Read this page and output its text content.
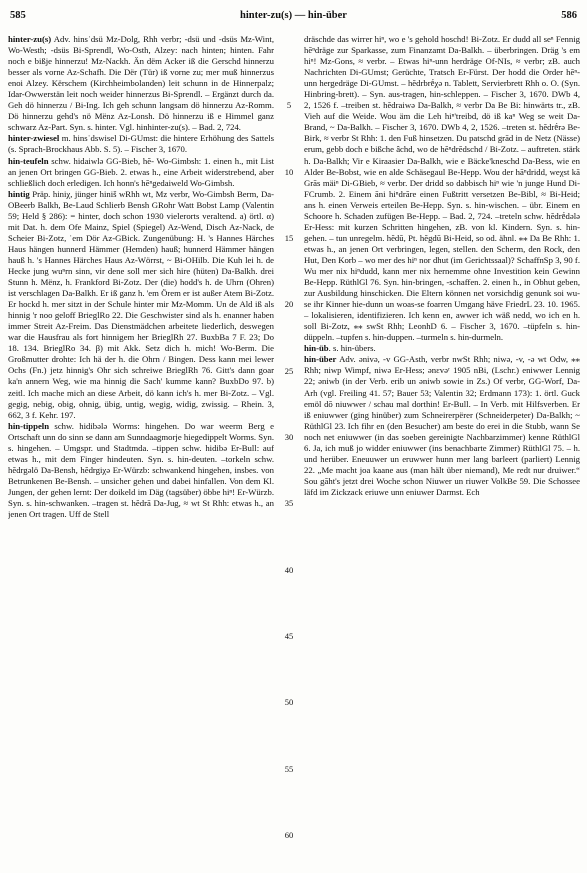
585	hinter-zu(s) — hin-über	586

hinter-zu(s) Adv. hinsˈdsü Mz-Dolg, Rhh verbr; -dsü und -dsüs Mz-Wint, Wo-Westh; -dsüs Bi-Sprendl, Wo-Osth, Alzey: nach hinten; hinten. Fahr noch e bißje hinnerzu! Mz-Nackh. Än dëm Acker iß die Gerschd hinnerzu besser als vorne Az-Schafh. Die Dër (Tür) iß vorne zu; mer muß hinnerzus enoi Alzey. Kërschem (Kirchheimbolanden) leit schunn in de Hinnerpalz; Idar-Owwerstän leit noch weider hinnerzus Bi-Sprendl. – Ergänzt durch da. Geh dö hinnerzu / Bi-Ing. Ich geh schunn langsam dö hinnerzu Az-Romm. Dö hinnerzu gehd's nö Mënz Az-Lonsh. Dö hinnerzu iß e Himmel ganz schwarz Az-Part. Syn. s. hinter. Vgl. hinhinter-zu(s). – Bad. 2, 724.

hinter-zwiesel m. hinsˈdswisel Di-GUmst: die hintere Erhöhung des Sattels (s. Sprach-Brockhaus Abb. S. 5). – Fischer 3, 1670.

hin-teufeln schw. hidaiwlə GG-Bieb, hĕ- Wo-Gimbsh: 1. einen h., mit List an jenen Ort bringen GG-Bieb. 2. etwas h., eine Arbeit widerstrebend, aber schließlich doch erledigen. Ich honn's hēⁿgedaiweld Wo-Gimbsh.

hintig Präp. hiniχ, jünger hiniš wRhh wt, Mz verbr, Wo-Gimbsh Berm, Da-OBeerb Balkh, Be-Laud Schlierb Bensh GRohr Watt Bobst Lamp (Valentin 59; Held § 286): = hinter, doch schon 1930 vielerorts veraltend. a) örtl. α) mit Dat. h. dem Ofe Mainz, Spiel (Spiegel) Az-Wend, Disch Az-Nack, de Scheier Bi-Zotz, ˈem Dör Az-GBick. Zungenübung: H. 's Hannes Härches Haus hängen hunnerd Hämmer (Hemden) hauß; hunnerd Hämmer hängen hauß h. 's Hannes Härches Haus Az-Wörrst, ~ Bi-OHilb. Die Kuh lei h. de Hecke jung wuⁿrn sinn, vir dene soll mer sich hire (hüten) Da-Balkh. drei Stunn h. Mënz, h. Frankford Bi-Zotz. Der (die) hodd's h. de Uhrn (Ohren) ist verschlagen Da-Balkh. Er iß ganz h. 'em Örem er ist außer Atem Bi-Zotz. Er hockd h. mer sitzt in der Schule hinter mir Mz-Momm. Un de Ald iß als hinnig 'r noo geloff BrieglRo 22. Die Geschwister sind als h. enanner haben immer Streit Az-Freim. Das Dienstmädchen arbeitete liederlich, deswegen war die Hausfrau als fort hinnigem her BrieglRh 27. BuxbBa 7 F. 23; Do 18. 134. BrieglRo 34. β) mit Akk. Setz dich h. mich! Wo-Berm. Die Großmutter drohte: Ich hä der h. die Ohrn / Bingen. Dess kann mei lewer Ochs (Fn.) jetz hinnig's Ohr sich schreiwe BrieglRh 76. Gitt's dann goar ka'n annern Weg, wie ma hinnig die Sach' kumme kann? BuxbDo 97. b) zeitl. Ich mache mich an diese Arbeit, dö kann ich's h. mer Bi-Zotz. – Vgl. gegig, nebig, obig, ohnig, übig, untig, wegig, widig, zwissig. – Rhein. 3, 662, 3 f. Kehr. 197.

hin-tippeln schw. hidibələ Worms: hingehen. Do war weerm Berg e Ortschaft unn do sinn se dann am Sunndaagmorje hiegedippelt Worms. Syn. s. hingehen. – Umgspr. und Stadtmda. –tippen schw. hidibə Er-Bull: auf etwas h., mit dem Finger hindeuten. Syn. s. hin-deuten. –torkeln schw. hĕdrgəlö Da-Bensh, hĕdrgiχə Er-Würzb: schwankend hingehen, insbes. von Betrunkenen Be-Bensh. – unsicher gehen und dabei hinfallen. Von dem Kl. Jungen, der gehen lernt: Der doikeld im Däg (tagsüber) öbbe hiⁿ! Er-Würzb. Syn. s. hin-schwanken. –tragen st. hĕdrā Da-Jug, ≈ wt St Rhh: etwas h., an jenen Ort tragen. Uff de Stell

5
10
15
20
25
30
35
40
45
50
55
60

dräschde das wirrer hiⁿ, wo e 's gehold hoschd! Bi-Zotz. Er dudd all seⁿ Fennig hēⁿdräge zur Sparkasse, zum Finanzamt Da-Balkh. – überbringen. Dräg 's em hiⁿ! Mz-Gons, ≈ verbr. – Etwas hiⁿ-unn herdräge Of-NIs, ≈ verbr; zB. auch Nachrichten Di-GUmst; Gerüchte, Tratsch Er-Fürst. Der hodd die Order hēⁿ- unn hergedräge Di-GUmst. – hĕdrbrḗχə n. Tablett, Servierbrett Rhh o. O. (Syn. Hinbring-brett). – Syn. aus-tragen, hin-schleppen. – Fischer 3, 1670. DWb 4, 2, 1526 f. –treiben st. hĕdraiwə Da-Balkh, ≈ verbr Da Be Bi: hinwärts tr., zB. Vieh auf die Weide. Wou äm die Leh hiⁿ'treibd, dö iß kaⁿ Weg se weit Da-Brand, ~ Da-Balkh. – Fischer 3, 1670. DWb 4, 2, 1526. –treten st. hĕdrḗrə Be-Birk, ≈ verbr St Rhh: 1. den Fuß hinsetzen. Du patschd grād in de Netz (Nässe) erum, gebb doch e bißche âchd, wo de hĕⁿdrēdschd / Bi-Zotz. – auftreten. stärk h. Da-Balkh; Vir e Kiraasier Da-Balkh, wie e Bäcke'kneschd Da-Bess, wie en Alder Be-Bobst, wie en alde Schäsegaul Be-Hepp. Wou der hāⁿdridd, weχst kā Grās mäiⁿ Di-GBieb, ≈ verbr. Der dridd so dabbisch hiⁿ wie 'n junge Hund Di-FCrumb. 2. Einem āni hiⁿdrāre einen Fußtritt versetzen Be-Bibl, ≈ Bi-Heid; ans h. einen Verweis erteilen Be-Hepp. Syn. s. hin-wischen. – übr. Einem en Schoore h. Schaden zufügen Be-Hepp. – Bad. 2, 724. –treteln schw. hĕdrḗdələ Er-Hess: mit kurzen Schritten hingehen, zB. von kl. Kindern. Syn. s. hin-gehen. – tun unregelm. hĕdū, Pt. hĕgdū Bi-Heid, so od. ähnl. ⁎⁎ Da Be Rhh: 1. etwas h., an jenen Ort verbringen, legen, stellen. den Scherm, den Rock, den Hut, Den Korb – wo mer des hiⁿ nor dhut (im Gerichtssaal)? SchaffnSp 3, 90 f. Wu mer nix hiⁿdudd, kann mer nix hernemme ohne Investition kein Gewinn Be-Hepp. RüthlGl 76. Syn. hin-bringen, -schaffen. 2. einen h., in Obhut geben, zur Ausbildung hinschicken. Die Eltern können net vorsichdig genunk soi wu-se ihr Kinner hie-dunn un woas-se foarren Umgang häve FriedrL 23. 10. 1965. – lokalisieren, identifizieren. Ich kenn en, awwer ich wäß nedd, wo ich en h. soll Bi-Zotz, ⁎⁎ swSt Rhh; LeonhD 6. – Fischer 3, 1670. –tüpfeln s. hin-düppeln. –tupfen s. hin-duppen. –turmeln s. hin-durmeln.

hin-üb. s. hin-übers.

hin-über Adv. ənivə, -v GG-Asth, verbr nwSt Rhh; niwə, -v, -ə wt Odw, ⁎⁎ Rhh; niwp Wimpf, niwə Er-Hess; ənεvəʳ 1905 nBi, (Lschr.) eniwwer Lennig 22; əniwb (in der Verb. erib un əniwb sowie in Zs.) Of verbr, GG-Worf, Da-Arh (vgl. Freiling 41. 57; Bauer 53; Valentin 32; Erdmann 173): 1. örtl. Guck emöl dō niuwwer / schau mal dorthin! Er-Bull. – In Verb. mit Hilfsverben. Er iß eniuwwer (ging hinüber) zum Schneirerpërer (Schneiderpeter) Da-Balkh; ~ RüthlGl 23. Ich fihr en (den Besucher) am beste do erei in die Stubb, wann Se noch net eniuwwer (in das soeben gereinigte Nachbarzimmer) kenne RüthlGl 6. Ja, ich muß jo widder eniuwwer (ins benachbarte Zimmer) RüthlGl 75. – h. und herüber. Eneuuwer un eruwwer hunn mer lang barleert (parliert) Lennig 22. „Me macht joa kaane aus (man hält über niemand), Me redt nur druiwer.“ Sou gāht's jetzt drei Woche schon Niuwer un riuwer VolkBe 59. Die Schossee läfd im Zickzack eriuwe unn eniuwer Darmst. Ech
